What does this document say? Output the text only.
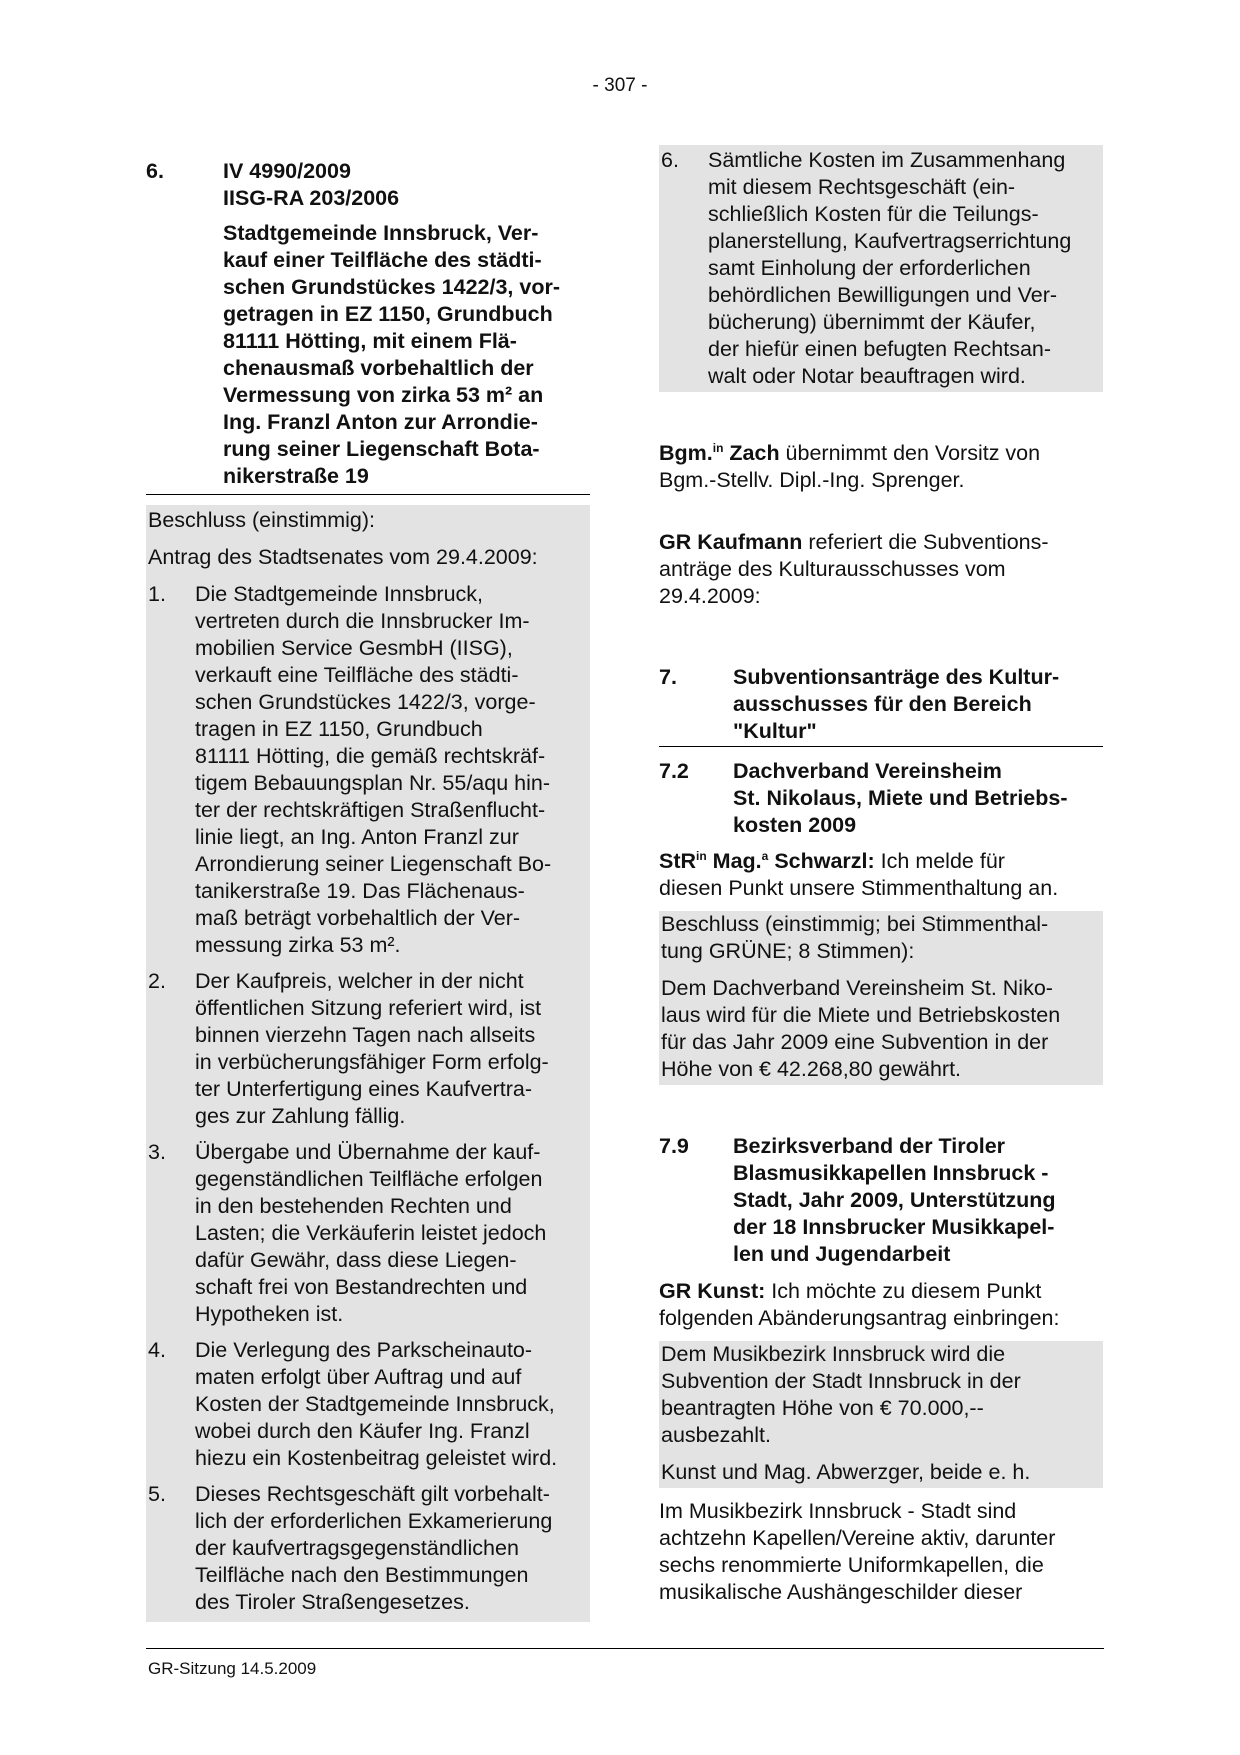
- 307 -
6.	IV 4990/2009
IISG-RA 203/2006
Stadtgemeinde Innsbruck, Ver-
kauf einer Teilfläche des städti-
schen Grundstückes 1422/3, vor-
getragen in EZ 1150, Grundbuch
81111 Hötting, mit einem Flä-
chenausmaß vorbehaltlich der
Vermessung von zirka 53 m² an
Ing. Franzl Anton zur Arrondie-
rung seiner Liegenschaft Bota-
nikerstraße 19
Beschluss (einstimmig):
Antrag des Stadtsenates vom 29.4.2009:
1.	Die Stadtgemeinde Innsbruck,
vertreten durch die Innsbrucker Im-
mobilien Service GesmbH (IISG),
verkauft eine Teilfläche des städti-
schen Grundstückes 1422/3, vorge-
tragen in EZ 1150, Grundbuch
81111 Hötting, die gemäß rechtskräf-
tigem Bebauungsplan Nr. 55/aqu hin-
ter der rechtskräftigen Straßenflucht-
linie liegt, an Ing. Anton Franzl zur
Arrondierung seiner Liegenschaft Bo-
tanikerstraße 19. Das Flächenaus-
maß beträgt vorbehaltlich der Ver-
messung zirka 53 m².
2.	Der Kaufpreis, welcher in der nicht
öffentlichen Sitzung referiert wird, ist
binnen vierzehn Tagen nach allseits
in verbücherungsfähiger Form erfolg-
ter Unterfertigung eines Kaufvertra-
ges zur Zahlung fällig.
3.	Übergabe und Übernahme der kauf-
gegenständlichen Teilfläche erfolgen
in den bestehenden Rechten und
Lasten; die Verkäuferin leistet jedoch
dafür Gewähr, dass diese Liegen-
schaft frei von Bestandrechten und
Hypotheken ist.
4.	Die Verlegung des Parkscheinauto-
maten erfolgt über Auftrag und auf
Kosten der Stadtgemeinde Innsbruck,
wobei durch den Käufer Ing. Franzl
hiezu ein Kostenbeitrag geleistet wird.
5.	Dieses Rechtsgeschäft gilt vorbehalt-
lich der erforderlichen Exkamerierung
der kaufvertragsgegenständlichen
Teilfläche nach den Bestimmungen
des Tiroler Straßengesetzes.
6.	Sämtliche Kosten im Zusammenhang
mit diesem Rechtsgeschäft (ein-
schließlich Kosten für die Teilungs-
planerstellung, Kaufvertragserrichtung
samt Einholung der erforderlichen
behördlichen Bewilligungen und Ver-
bücherung) übernimmt der Käufer,
der hiefür einen befugten Rechtsan-
walt oder Notar beauftragen wird.
Bgm.$^{in}$ Zach übernimmt den Vorsitz von
Bgm.-Stellv. Dipl.-Ing. Sprenger.
GR Kaufmann referiert die Subventions-
anträge des Kulturausschusses vom
29.4.2009:
7.	Subventionsanträge des Kultur-
ausschusses für den Bereich
"Kultur"
7.2	Dachverband Vereinsheim
St. Nikolaus, Miete und Betriebs-
kosten 2009
StR$^{in}$ Mag.$^a$ Schwarzl: Ich melde für
diesen Punkt unsere Stimmenthaltung an.
Beschluss (einstimmig; bei Stimmenthal-
tung GRÜNE; 8 Stimmen):
Dem Dachverband Vereinsheim St. Niko-
laus wird für die Miete und Betriebskosten
für das Jahr 2009 eine Subvention in der
Höhe von € 42.268,80 gewährt.
7.9	Bezirksverband der Tiroler
Blasmusikkapellen Innsbruck -
Stadt, Jahr 2009, Unterstützung
der 18 Innsbrucker Musikkapel-
len und Jugendarbeit
GR Kunst: Ich möchte zu diesem Punkt
folgenden Abänderungsantrag einbringen:
Dem Musikbezirk Innsbruck wird die
Subvention der Stadt Innsbruck in der
beantragten Höhe von € 70.000,--
ausbezahlt.
Kunst und Mag. Abwerzger, beide e. h.
Im Musikbezirk Innsbruck - Stadt sind
achtzehn Kapellen/Vereine aktiv, darunter
sechs renommierte Uniformkapellen, die
musikalische Aushängeschilder dieser
GR-Sitzung 14.5.2009
